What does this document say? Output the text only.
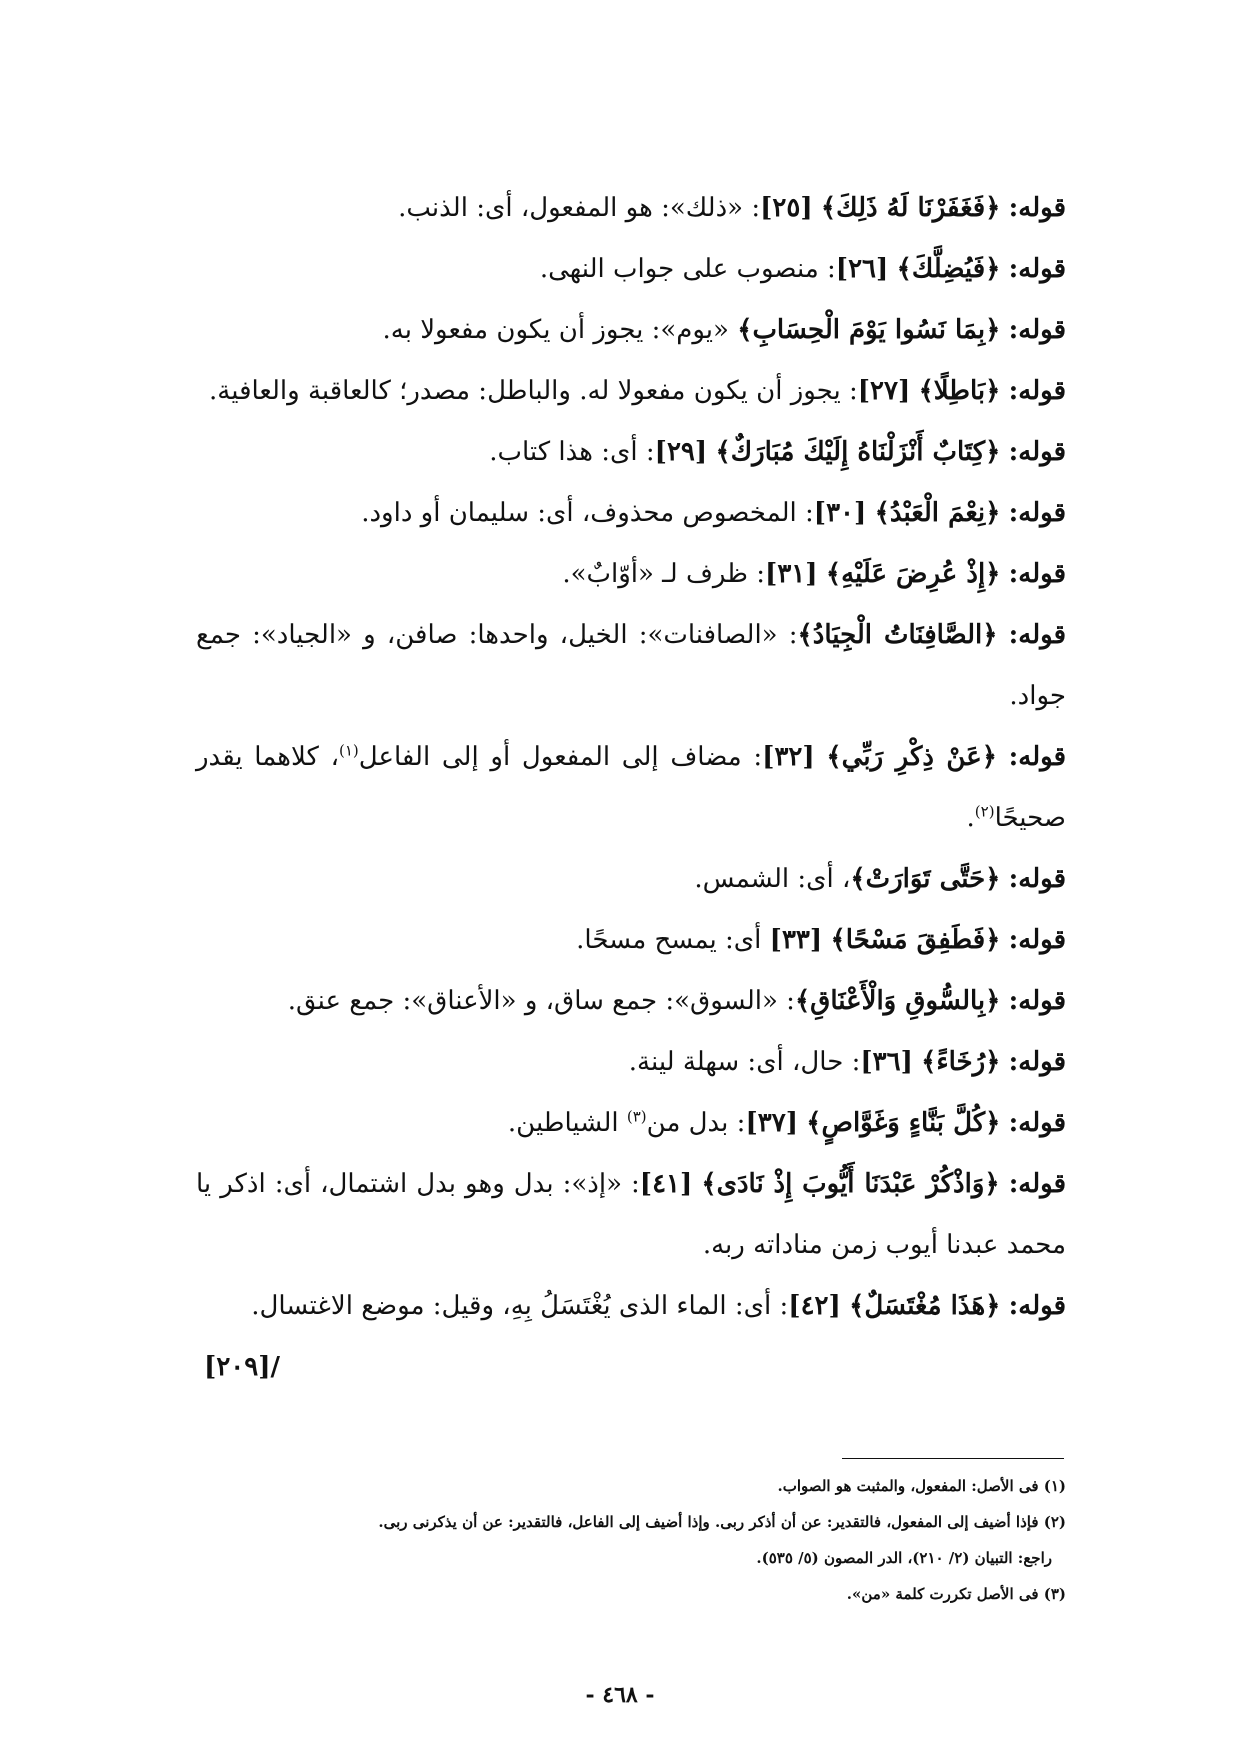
قوله: ﴿فَغَفَرْنَا لَهُ ذَلِكَ﴾ [٢٥]: «ذلك»: هو المفعول، أى: الذنب.

قوله: ﴿فَيُضِلَّكَ﴾ [٢٦]: منصوب على جواب النهى.

قوله: ﴿بِمَا نَسُوا يَوْمَ الْحِسَابِ﴾ «يوم»: يجوز أن يكون مفعولا به.

قوله: ﴿بَاطِلًا﴾ [٢٧]: يجوز أن يكون مفعولا له. والباطل: مصدر؛ كالعاقبة والعافية.

قوله: ﴿كِتَابٌ أَنْزَلْنَاهُ إِلَيْكَ مُبَارَكٌ﴾ [٢٩]: أى: هذا كتاب.

قوله: ﴿نِعْمَ الْعَبْدُ﴾ [٣٠]: المخصوص محذوف، أى: سليمان أو داود.

قوله: ﴿إِذْ عُرِضَ عَلَيْهِ﴾ [٣١]: ظرف لـ «أوّابٌ».

قوله: ﴿الصَّافِنَاتُ الْجِيَادُ﴾: «الصافنات»: الخيل، واحدها: صافن، و «الجياد»: جمع جواد.

قوله: ﴿عَنْ ذِكْرِ رَبِّي﴾ [٣٢]: مضاف إلى المفعول أو إلى الفاعل$^{(١)}$، كلاهما يقدر صحيحًا$^{(٢)}$.

قوله: ﴿حَتَّى تَوَارَتْ﴾، أى: الشمس.

قوله: ﴿فَطَفِقَ مَسْحًا﴾ [٣٣] أى: يمسح مسحًا.

قوله: ﴿بِالسُّوقِ وَالْأَعْنَاقِ﴾: «السوق»: جمع ساق، و «الأعناق»: جمع عنق.

قوله: ﴿رُخَاءً﴾ [٣٦]: حال، أى: سهلة لينة.

قوله: ﴿كُلَّ بَنَّاءٍ وَغَوَّاصٍ﴾ [٣٧]: بدل من$^{(٣)}$ الشياطين.

قوله: ﴿وَاذْكُرْ عَبْدَنَا أَيُّوبَ إِذْ نَادَى﴾ [٤١]: «إذ»: بدل وهو بدل اشتمال، أى: اذكر يا محمد عبدنا أيوب زمن مناداته ربه.

قوله: ﴿هَذَا مُغْتَسَلٌ﴾ [٤٢]: أى: الماء الذى يُغْتَسَلُ بِهِ، وقيل: موضع الاغتسال.

[٢٠٩]/

(١) فى الأصل: المفعول، والمثبت هو الصواب.

(٢) فإذا أضيف إلى المفعول، فالتقدير: عن أن أذكر ربى. وإذا أضيف إلى الفاعل، فالتقدير: عن أن يذكرنى ربى.

راجع: التبيان (٢/ ٢١٠)، الدر المصون (٥/ ٥٣٥).

(٣) فى الأصل تكررت كلمة «من».

- ٤٦٨ -
